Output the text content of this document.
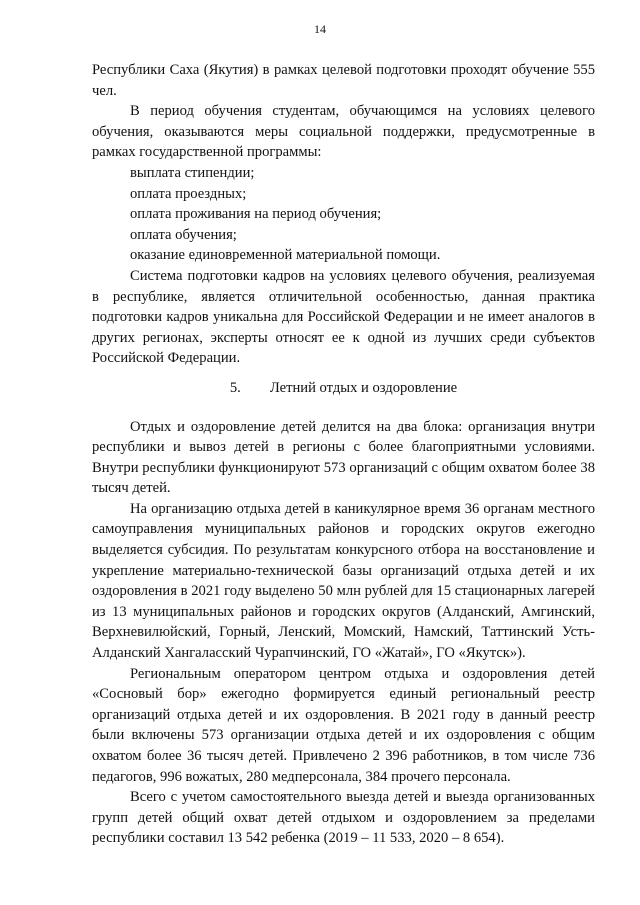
14

Республики Саха (Якутия) в рамках целевой подготовки проходят обучение 555 чел.

В период обучения студентам, обучающимся на условиях целевого обучения, оказываются меры социальной поддержки, предусмотренные в рамках государственной программы:

выплата стипендии;

оплата проездных;

оплата проживания на период обучения;

оплата обучения;

оказание единовременной материальной помощи.

Система подготовки кадров на условиях целевого обучения, реализуемая в республике, является отличительной особенностью, данная практика подготовки кадров уникальна для Российской Федерации и не имеет аналогов в других регионах, эксперты относят ее к одной из лучших среди субъектов Российской Федерации.

5. Летний отдых и оздоровление

Отдых и оздоровление детей делится на два блока: организация внутри республики и вывоз детей в регионы с более благоприятными условиями. Внутри республики функционируют 573 организаций с общим охватом более 38 тысяч детей.

На организацию отдыха детей в каникулярное время 36 органам местного самоуправления муниципальных районов и городских округов ежегодно выделяется субсидия. По результатам конкурсного отбора на восстановление и укрепление материально-технической базы организаций отдыха детей и их оздоровления в 2021 году выделено 50 млн рублей для 15 стационарных лагерей из 13 муниципальных районов и городских округов (Алданский, Амгинский, Верхневилюйский, Горный, Ленский, Момский, Намский, Таттинский Усть-Алданский Хангаласский Чурапчинский, ГО «Жатай», ГО «Якутск»).

Региональным оператором центром отдыха и оздоровления детей «Сосновый бор» ежегодно формируется единый региональный реестр организаций отдыха детей и их оздоровления. В 2021 году в данный реестр были включены 573 организации отдыха детей и их оздоровления с общим охватом более 36 тысяч детей. Привлечено 2 396 работников, в том числе 736 педагогов, 996 вожатых, 280 медперсонала, 384 прочего персонала.

Всего с учетом самостоятельного выезда детей и выезда организованных групп детей общий охват детей отдыхом и оздоровлением за пределами республики составил 13 542 ребенка (2019 – 11 533, 2020 – 8 654).
